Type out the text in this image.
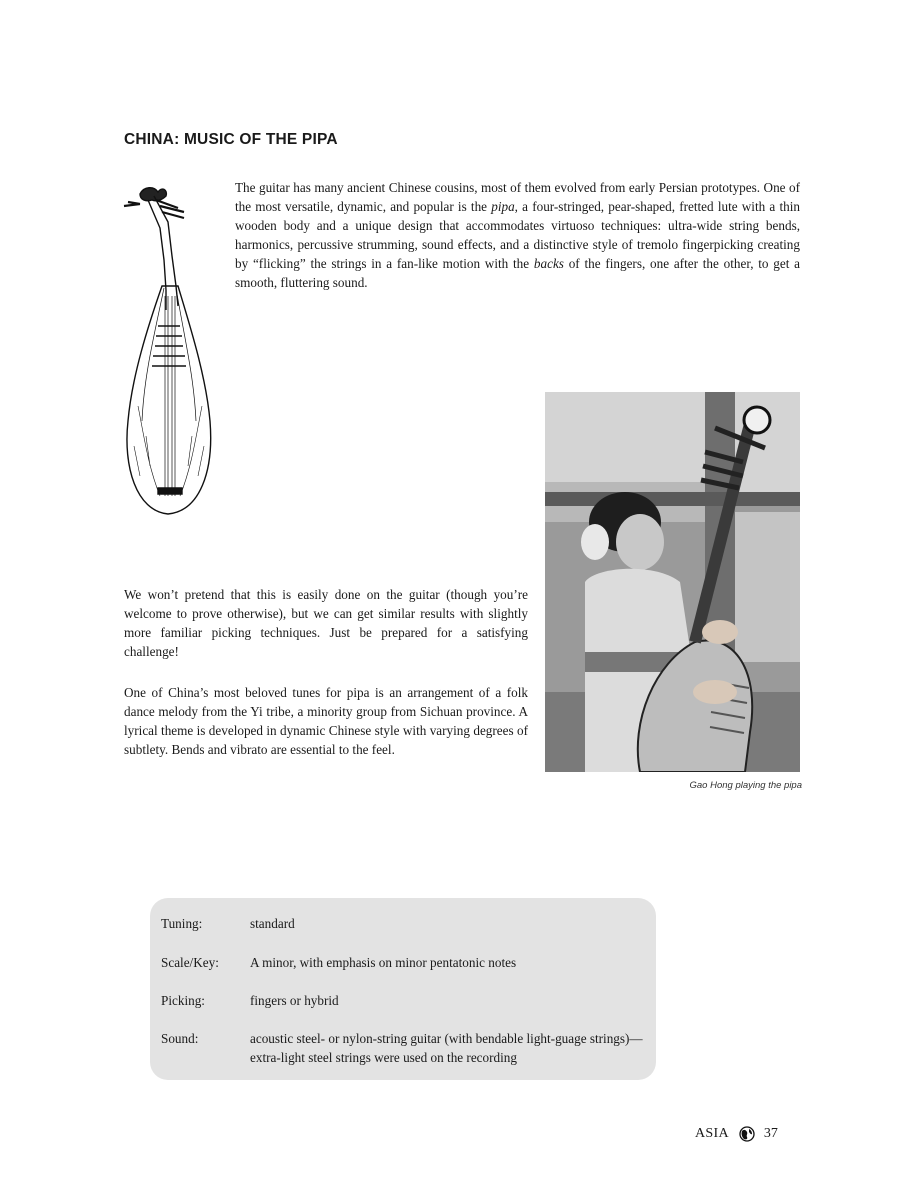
CHINA: MUSIC OF THE PIPA

The guitar has many ancient Chinese cousins, most of them evolved from early Persian prototypes. One of the most versatile, dynamic, and popular is the pipa, a four-stringed, pear-shaped, fretted lute with a thin wooden body and a unique design that accommodates virtuoso techniques: ultra-wide string bends, harmonics, percussive strumming, sound effects, and a distinctive style of tremolo fingerpicking creating by “flicking” the strings in a fan-like motion with the backs of the fingers, one after the other, to get a smooth, fluttering sound.

We won’t pretend that this is easily done on the guitar (though you’re welcome to prove otherwise), but we can get similar results with slightly more familiar picking techniques. Just be prepared for a satisfying challenge!

One of China’s most beloved tunes for pipa is an arrangement of a folk dance melody from the Yi tribe, a minority group from Sichuan province. A lyrical theme is developed in dynamic Chinese style with varying degrees of subtlety. Bends and vibrato are essential to the feel.

Gao Hong playing the pipa
Tuning:	standard
Scale/Key:	A minor, with emphasis on minor pentatonic notes
Picking:	fingers or hybrid
Sound:	acoustic steel- or nylon-string guitar (with bendable light-guage strings)—extra-light steel strings were used on the recording
ASIA	37
